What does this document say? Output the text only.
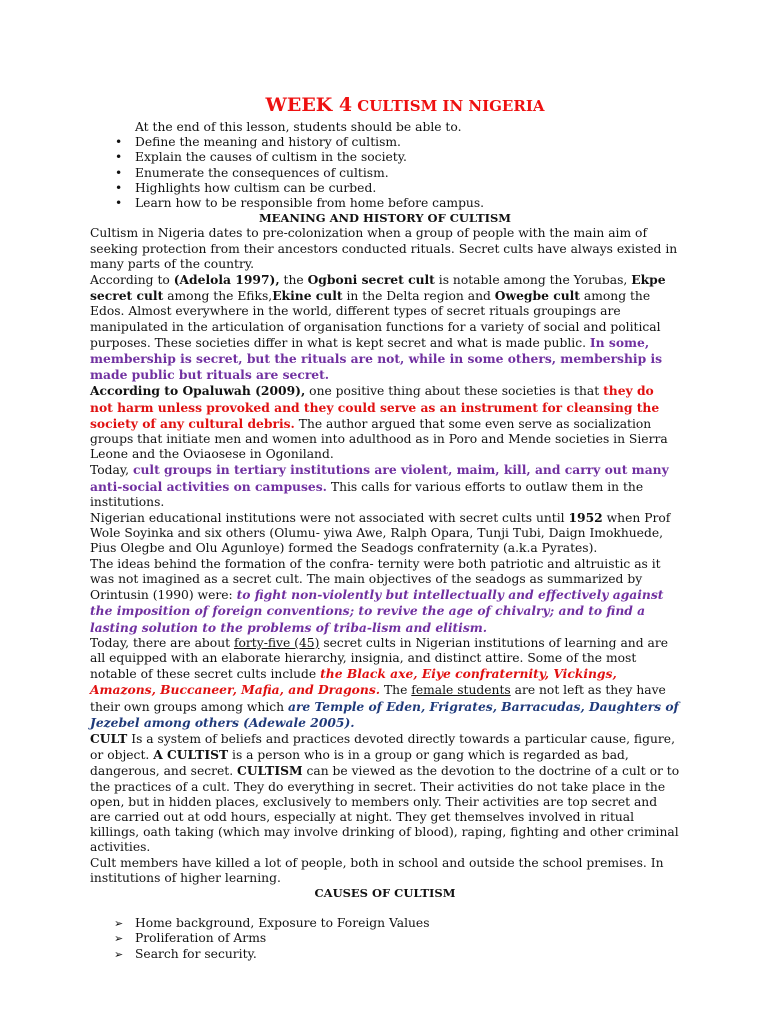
WEEK 4 CULTISM IN NIGERIA
At the end of this lesson, students should be able to.
• Define the meaning and history of cultism.
• Explain the causes of cultism in the society.
• Enumerate the consequences of cultism.
• Highlights how cultism can be curbed.
• Learn how to be responsible from home before campus.
MEANING AND HISTORY OF CULTISM

Cultism in Nigeria dates to pre-colonization when a group of people with the main aim of seeking protection from their ancestors conducted rituals. Secret cults have always existed in many parts of the country.

According to (Adelola 1997), the Ogboni secret cult is notable among the Yorubas, Ekpe secret cult among the Efiks,Ekine cult in the Delta region and Owegbe cult among the Edos. Almost everywhere in the world, different types of secret rituals groupings are manipulated in the articulation of organisation functions for a variety of social and political purposes. These societies differ in what is kept secret and what is made public. In some, membership is secret, but the rituals are not, while in some others, membership is made public but rituals are secret.

According to Opaluwah (2009), one positive thing about these societies is that they do not harm unless provoked and they could serve as an instrument for cleansing the society of any cultural debris. The author argued that some even serve as socialization groups that initiate men and women into adulthood as in Poro and Mende societies in Sierra Leone and the Oviaosese in Ogoniland.

Today, cult groups in tertiary institutions are violent, maim, kill, and carry out many anti-social activities on campuses. This calls for various efforts to outlaw them in the institutions.

Nigerian educational institutions were not associated with secret cults until 1952 when Prof Wole Soyinka and six others (Olumu- yiwa Awe, Ralph Opara, Tunji Tubi, Daign Imokhuede, Pius Olegbe and Olu Agunloye) formed the Seadogs confraternity (a.k.a Pyrates).

The ideas behind the formation of the confra- ternity were both patriotic and altruistic as it was not imagined as a secret cult. The main objectives of the seadogs as summarized by Orintusin (1990) were: to fight non-violently but intellectually and effectively against the imposition of foreign conventions; to revive the age of chivalry; and to find a lasting solution to the problems of triba-lism and elitism.

Today, there are about forty-five (45) secret cults in Nigerian institutions of learning and are all equipped with an elaborate hierarchy, insignia, and distinct attire. Some of the most notable of these secret cults include the Black axe, Eiye confraternity, Vickings, Amazons, Buccaneer, Mafia, and Dragons. The female students are not left as they have their own groups among which are Temple of Eden, Frigrates, Barracudas, Daughters of Jezebel among others (Adewale 2005).

CULT Is a system of beliefs and practices devoted directly towards a particular cause, figure, or object. A CULTIST is a person who is in a group or gang which is regarded as bad, dangerous, and secret. CULTISM can be viewed as the devotion to the doctrine of a cult or to the practices of a cult. They do everything in secret. Their activities do not take place in the open, but in hidden places, exclusively to members only. Their activities are top secret and are carried out at odd hours, especially at night. They get themselves involved in ritual killings, oath taking (which may involve drinking of blood), raping, fighting and other criminal activities.

Cult members have killed a lot of people, both in school and outside the school premises. In institutions of higher learning.

CAUSES OF CULTISM
➢ Home background, Exposure to Foreign Values
➢ Proliferation of Arms
➢ Search for security.
